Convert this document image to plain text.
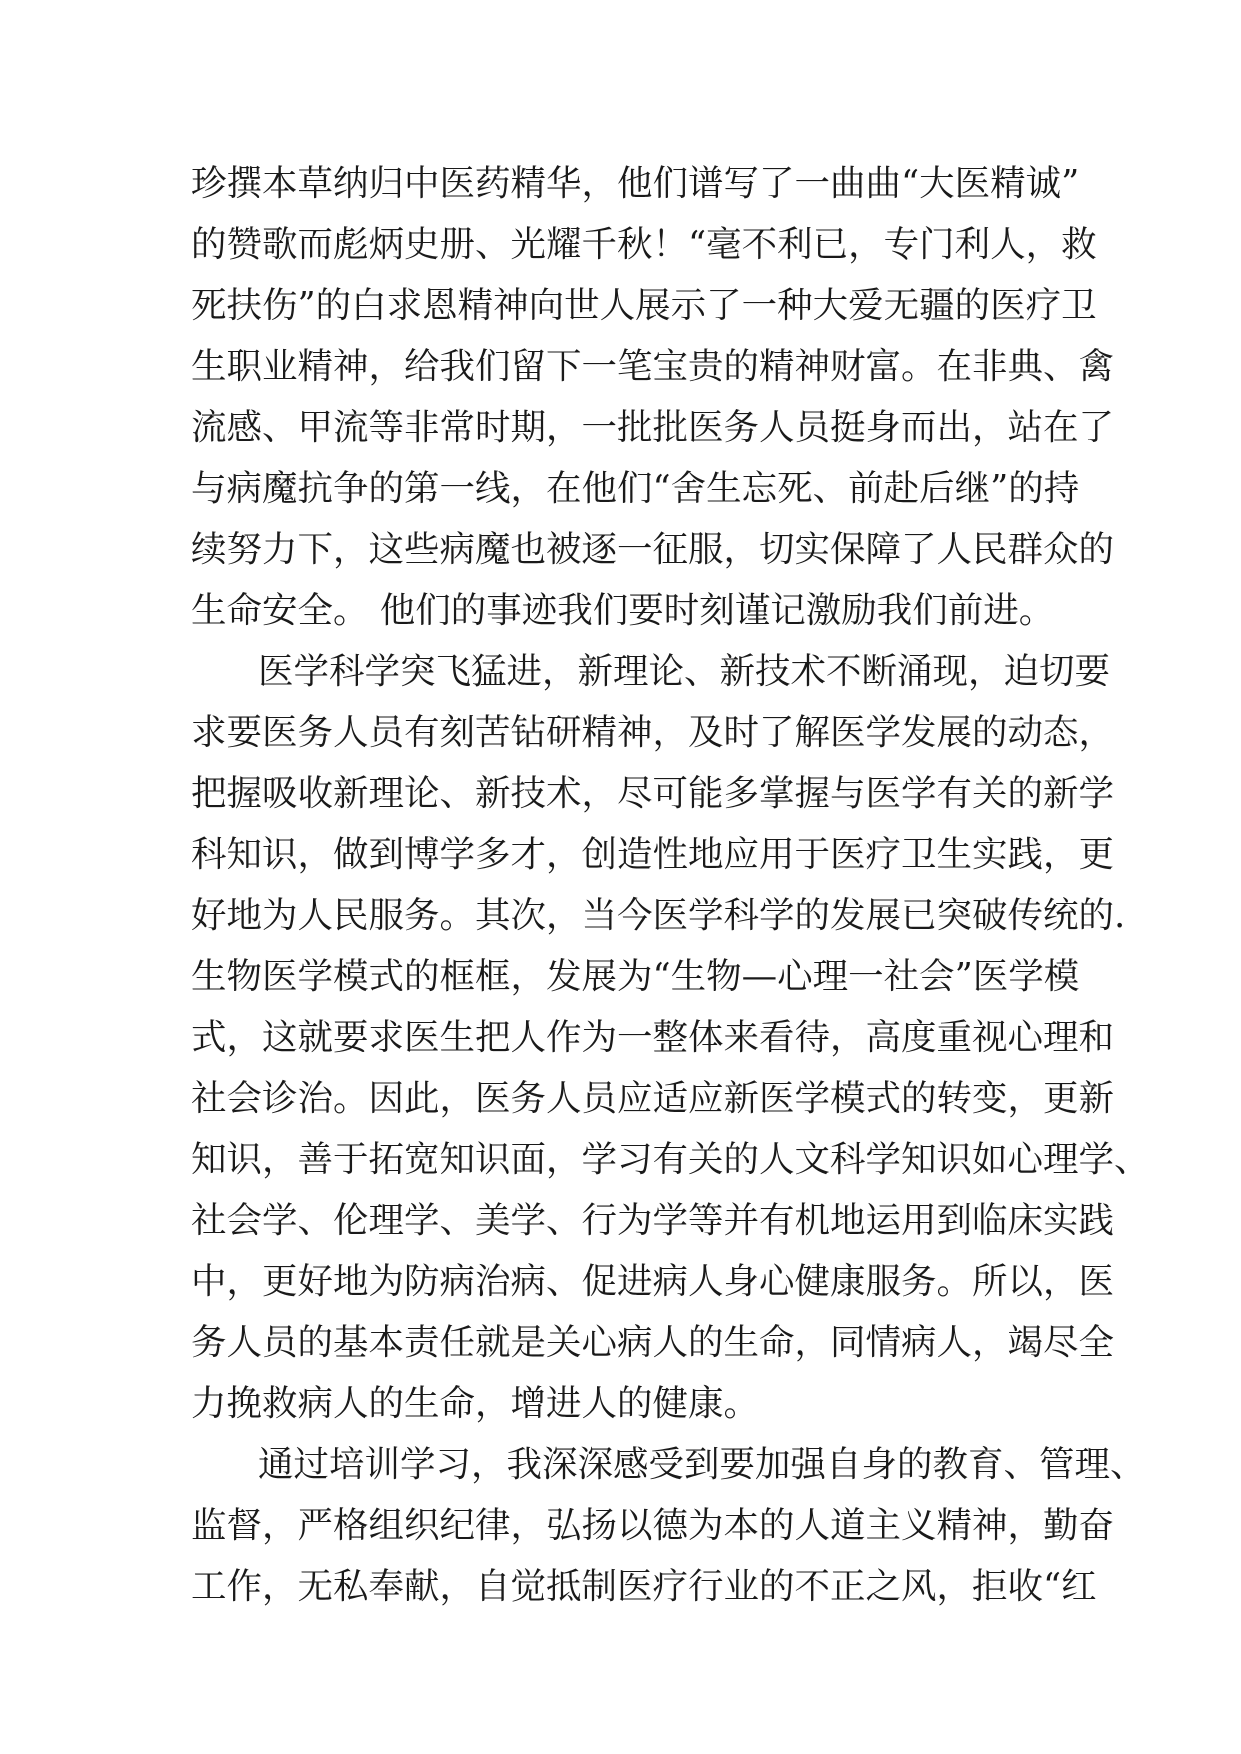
珍撰本草纳归中医药精华，他们谱写了一曲曲“大医精诚”
的赞歌而彪炳史册、光耀千秋！“毫不利已，专门利人，救
死扶伤”的白求恩精神向世人展示了一种大爱无疆的医疗卫
生职业精神，给我们留下一笔宝贵的精神财富。在非典、禽
流感、甲流等非常时期，一批批医务人员挺身而出，站在了
与病魔抗争的第一线，在他们“舍生忘死、前赴后继”的持
续努力下，这些病魔也被逐一征服，切实保障了人民群众的
生命安全。 他们的事迹我们要时刻谨记激励我们前进。
医学科学突飞猛进，新理论、新技术不断涌现，迫切要
求要医务人员有刻苦钻研精神，及时了解医学发展的动态，
把握吸收新理论、新技术，尽可能多掌握与医学有关的新学
科知识，做到博学多才，创造性地应用于医疗卫生实践，更
好地为人民服务。其次，当今医学科学的发展已突破传统的.
生物医学模式的框框，发展为“生物—心理一社会”医学模
式，这就要求医生把人作为一整体来看待，高度重视心理和
社会诊治。因此，医务人员应适应新医学模式的转变，更新
知识，善于拓宽知识面，学习有关的人文科学知识如心理学、
社会学、伦理学、美学、行为学等并有机地运用到临床实践
中，更好地为防病治病、促进病人身心健康服务。所以，医
务人员的基本责任就是关心病人的生命，同情病人，竭尽全
力挽救病人的生命，增进人的健康。
通过培训学习，我深深感受到要加强自身的教育、管理、
监督，严格组织纪律，弘扬以德为本的人道主义精神，勤奋
工作，无私奉献，自觉抵制医疗行业的不正之风，拒收“红
